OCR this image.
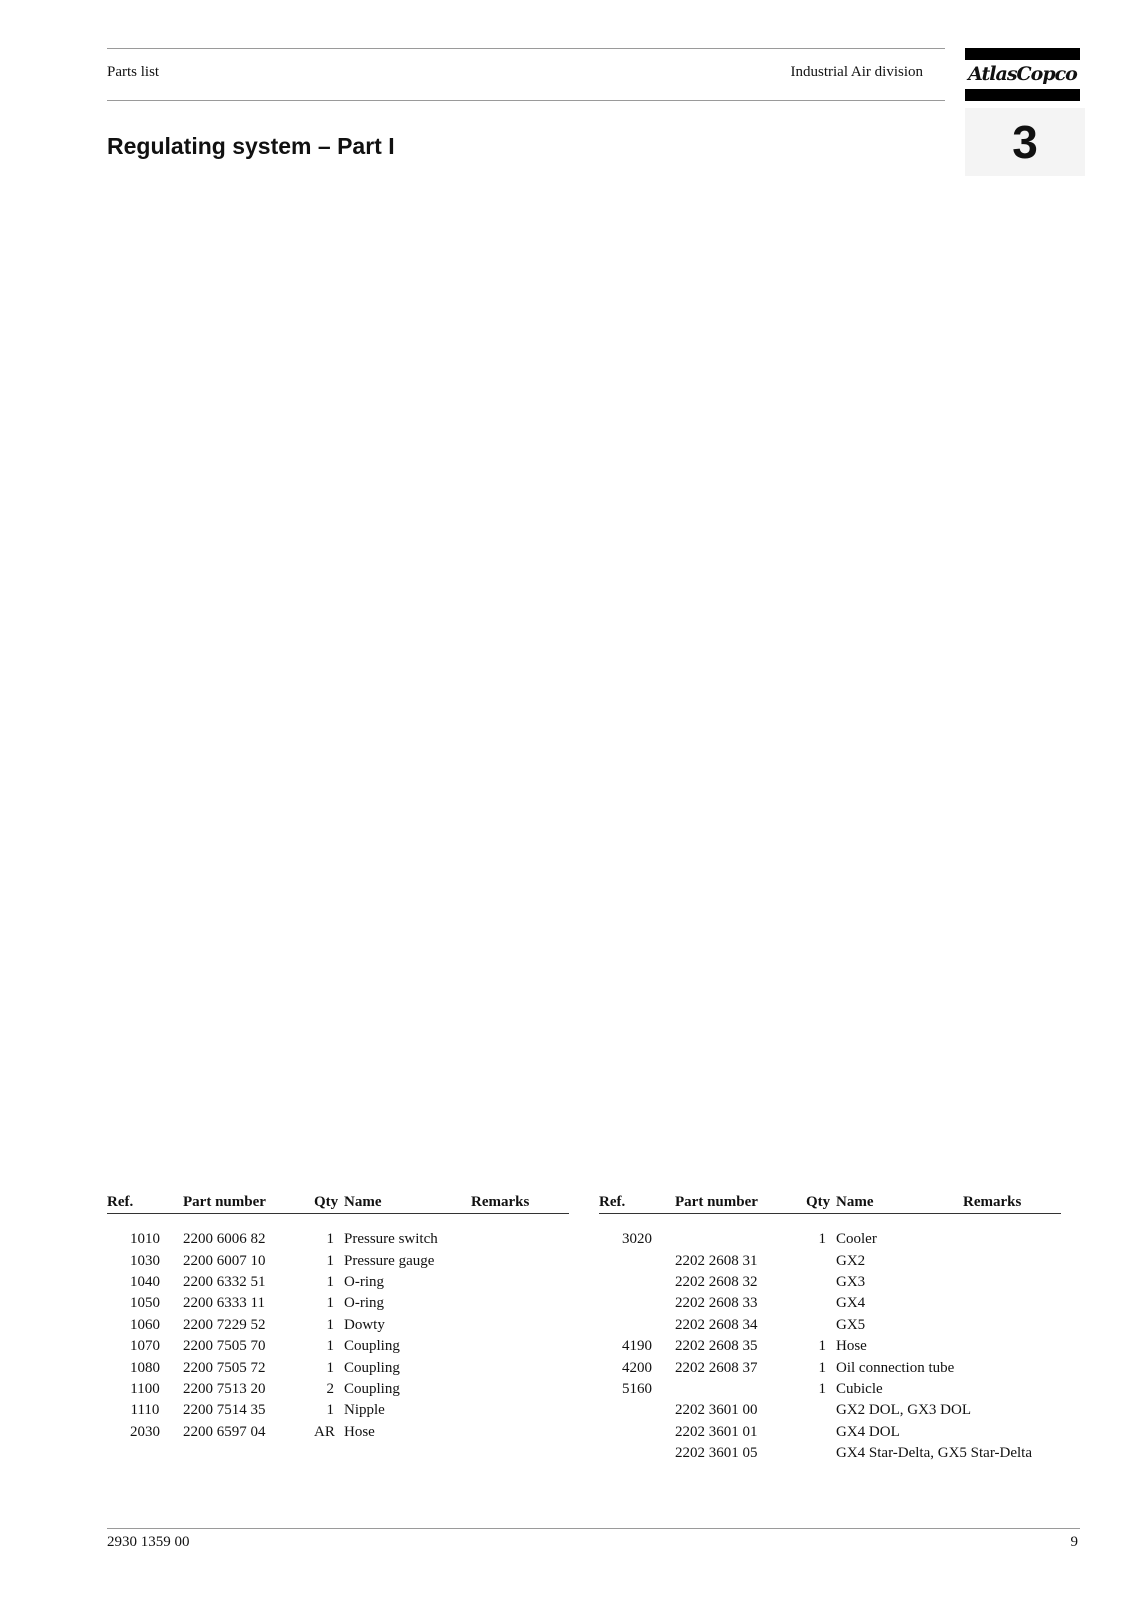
Parts list	Industrial Air division AtlasCopco
3
Regulating system – Part I
Ref.	Part number	Qty	Name	Remarks

1010	2200 6006 82	1	Pressure switch	
1030	2200 6007 10	1	Pressure gauge	
1040	2200 6332 51	1	O-ring	
1050	2200 6333 11	1	O-ring	
1060	2200 7229 52	1	Dowty	
1070	2200 7505 70	1	Coupling	
1080	2200 7505 72	1	Coupling	
1100	2200 7513 20	2	Coupling	
1110	2200 7514 35	1	Nipple	
2030	2200 6597 04	AR	Hose	
Ref.	Part number	Qty	Name	Remarks

3020		1	Cooler	
	2202 2608 31		GX2	
	2202 2608 32		GX3	
	2202 2608 33		GX4	
	2202 2608 34		GX5	
4190	2202 2608 35	1	Hose	
4200	2202 2608 37	1	Oil connection tube	
5160		1	Cubicle	
	2202 3601 00		GX2 DOL, GX3 DOL	
	2202 3601 01		GX4 DOL	
	2202 3601 05		GX4 Star-Delta, GX5 Star-Delta	
2930 1359 00	9
